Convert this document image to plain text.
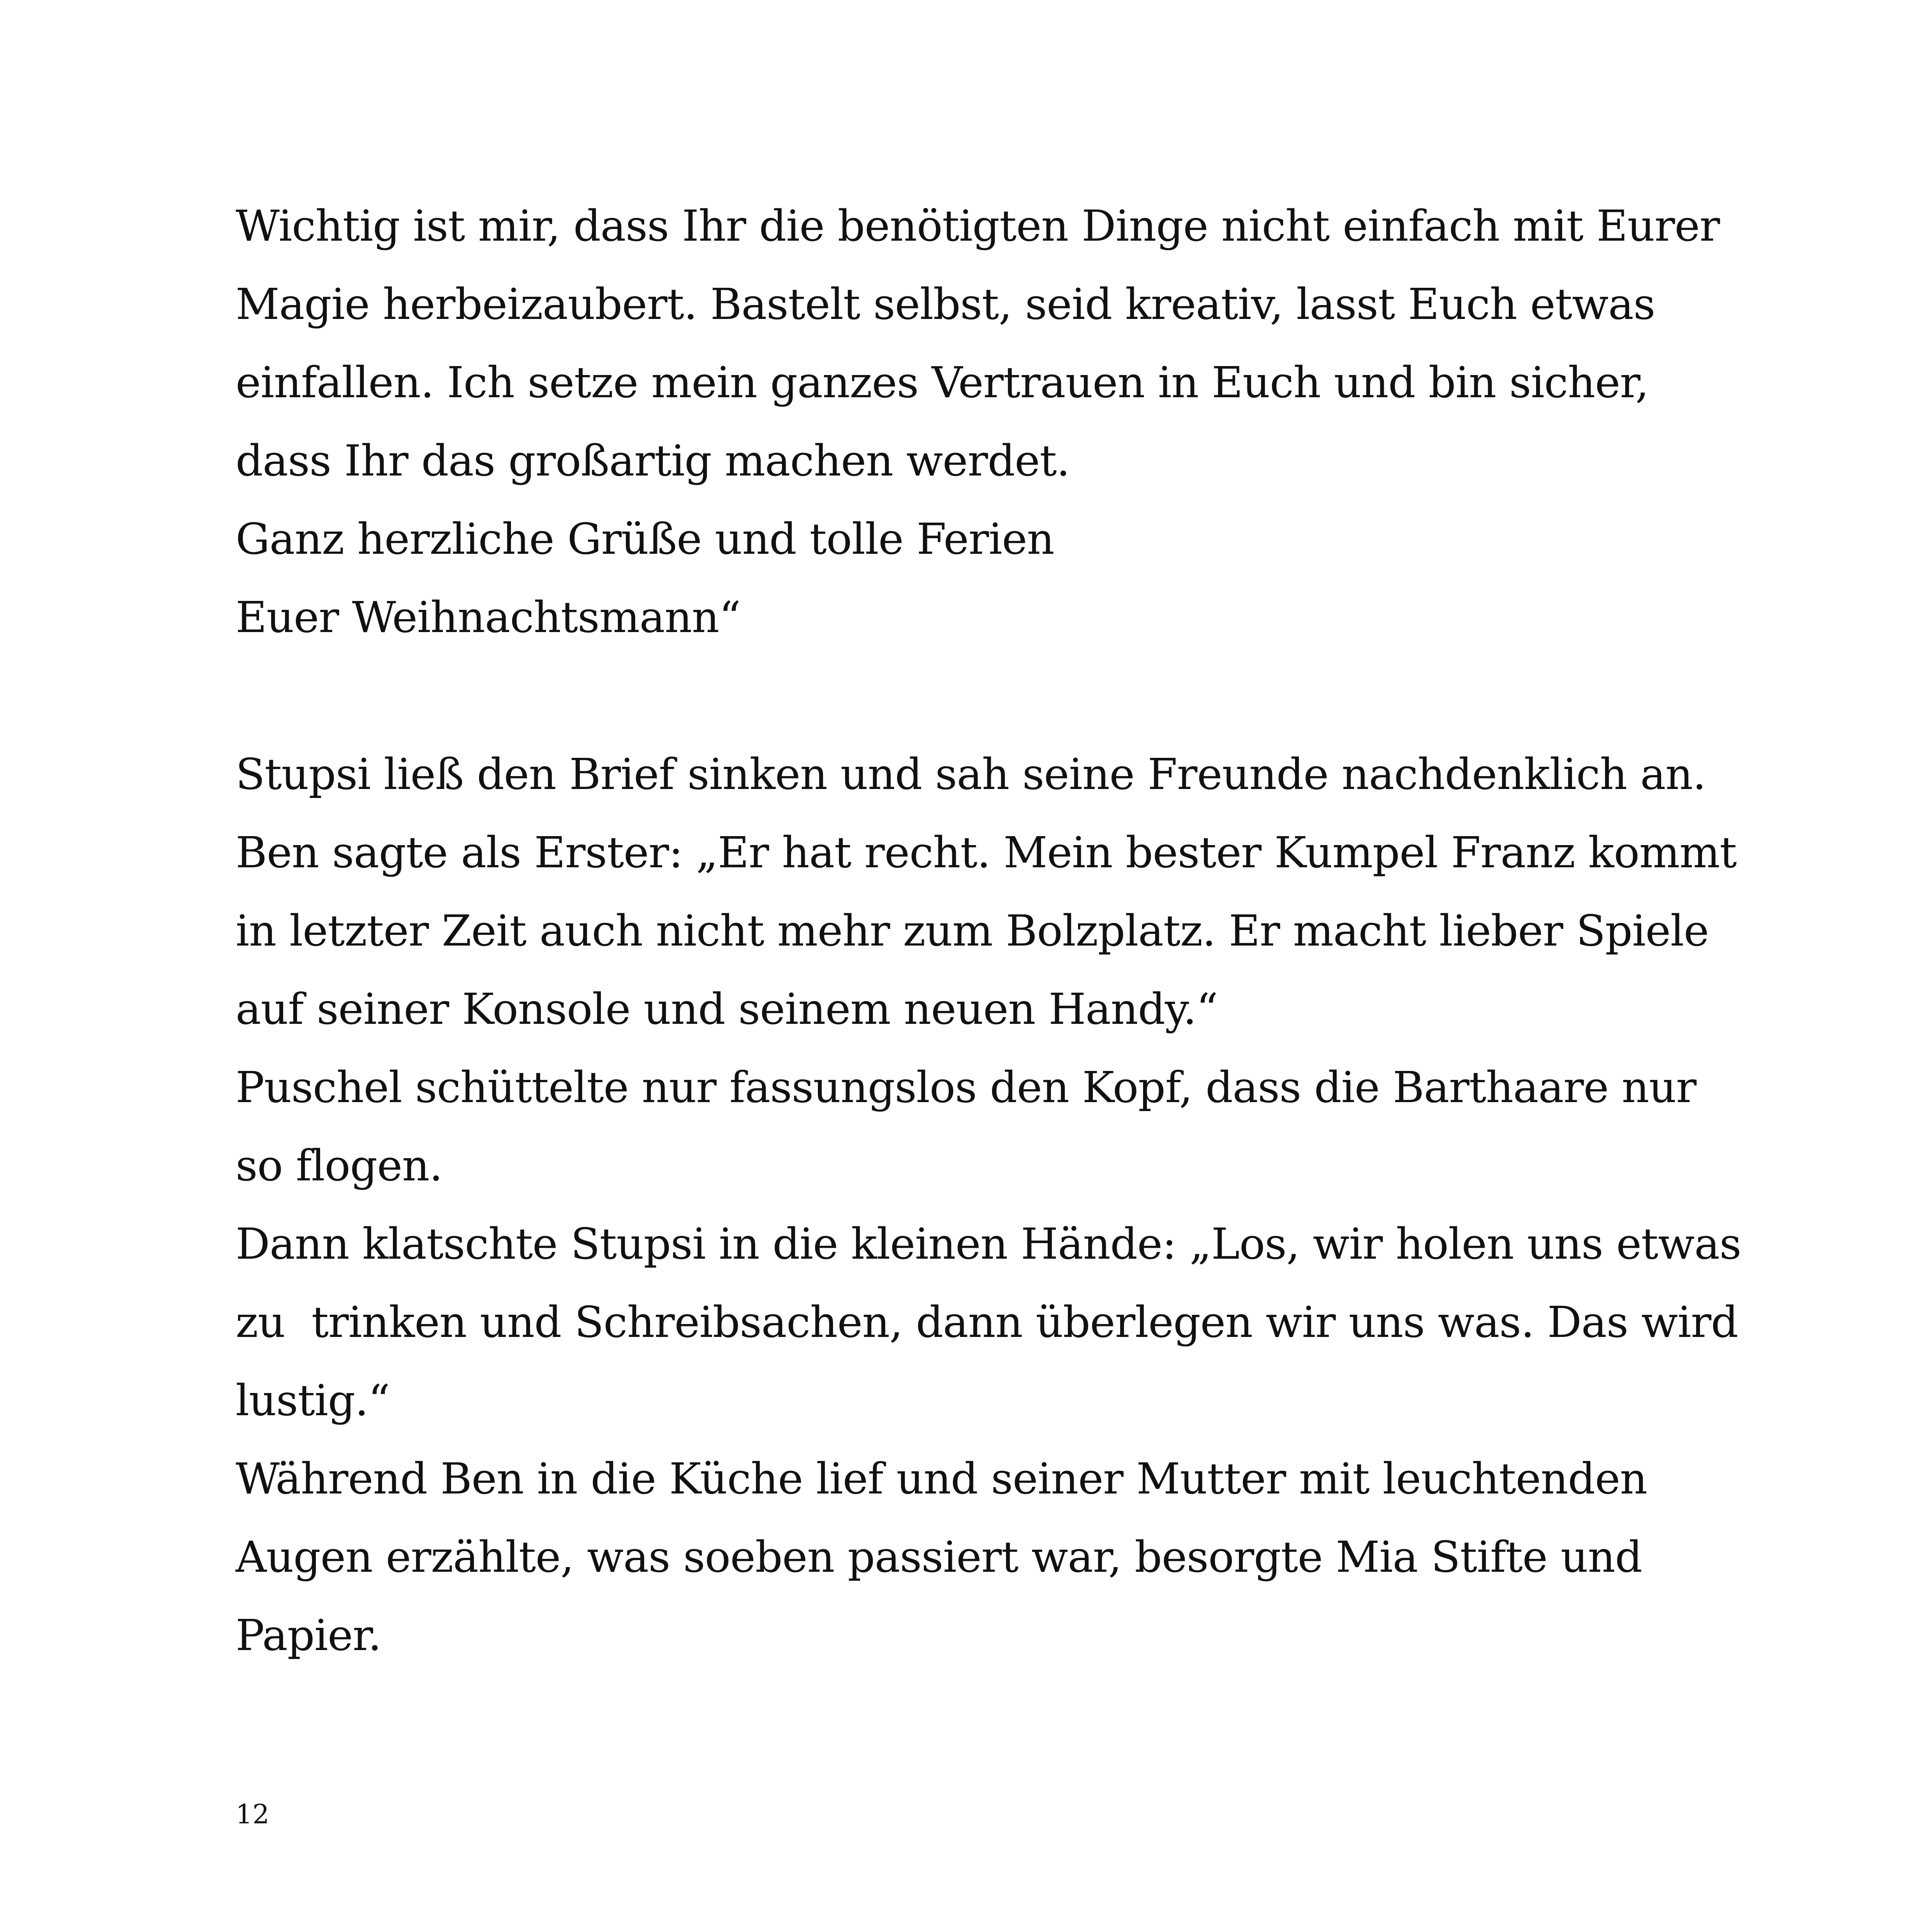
Wichtig ist mir, dass Ihr die benötigten Dinge nicht einfach mit Eurer
Magie herbeizaubert. Bastelt selbst, seid kreativ, lasst Euch etwas
einfallen. Ich setze mein ganzes Vertrauen in Euch und bin sicher,
dass Ihr das großartig machen werdet.
Ganz herzliche Grüße und tolle Ferien
Euer Weihnachtsmann“
Stupsi ließ den Brief sinken und sah seine Freunde nachdenklich an.
Ben sagte als Erster: „Er hat recht. Mein bester Kumpel Franz kommt
in letzter Zeit auch nicht mehr zum Bolzplatz. Er macht lieber Spiele
auf seiner Konsole und seinem neuen Handy.“
Puschel schüttelte nur fassungslos den Kopf, dass die Barthaare nur
so flogen.
Dann klatschte Stupsi in die kleinen Hände: „Los, wir holen uns etwas
zu  trinken und Schreibsachen, dann überlegen wir uns was. Das wird
lustig.“
Während Ben in die Küche lief und seiner Mutter mit leuchtenden
Augen erzählte, was soeben passiert war, besorgte Mia Stifte und
Papier.
12
